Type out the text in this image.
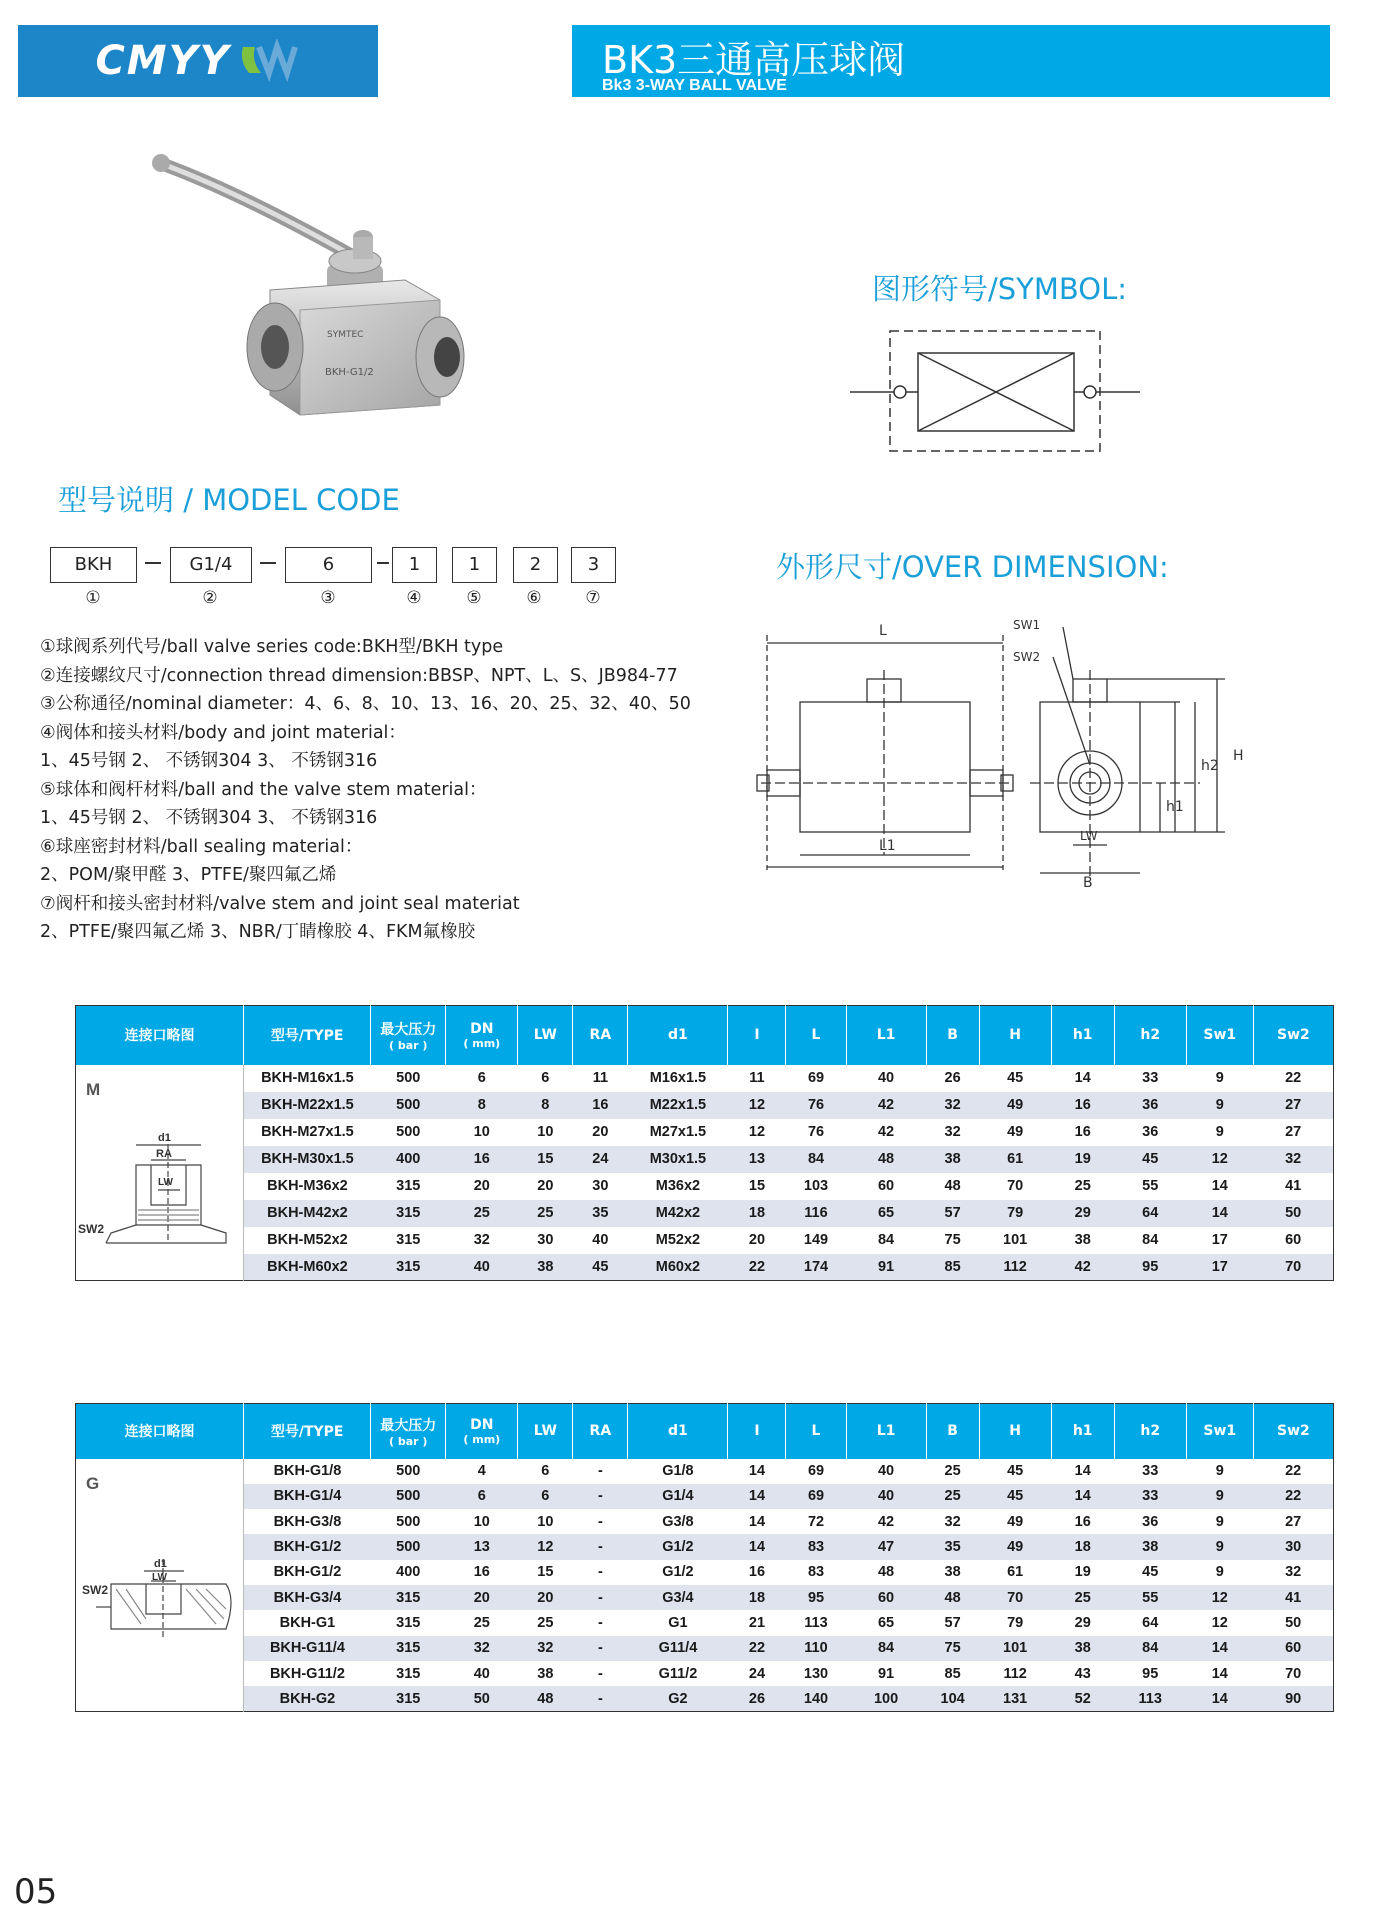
CMYY	BK3三通高压球阀
Bk3 3-WAY BALL VALVE
SYMTEC
BKH-G1/2
图形符号/SYMBOL:
型号说明 / MODEL CODE
BKH	G1/4	6	1	1	2	3
①	②	③	④	⑤	⑥	⑦
外形尺寸/OVER DIMENSION:
L
L1
SW1
SW2
H
h2
h1
LW
B
①球阀系列代号/ball valve series code:BKH型/BKH type
②连接螺纹尺寸/connection thread dimension:BBSP、NPT、L、S、JB984-77
③公称通径/nominal diameter：4、6、8、10、13、16、20、25、32、40、50
④阀体和接头材料/body and joint material：
1、45号钢 2、 不锈钢304 3、 不锈钢316
⑤球体和阀杆材料/ball and the valve stem material：
1、45号钢 2、 不锈钢304 3、 不锈钢316
⑥球座密封材料/ball sealing material：
2、POM/聚甲醛 3、PTFE/聚四氟乙烯
⑦阀杆和接头密封材料/valve stem and joint seal materiat
2、PTFE/聚四氟乙烯 3、NBR/丁睛橡胶 4、FKM氟橡胶
连接口略图	型号/TYPE	最大压力
( bar )	DN
( mm)	LW	RA	d1	I	L	L1	B	H	h1	h2	Sw1	Sw2

M
d1
RA
LW
SW2	BKH-M16x1.5	500	6	6	11	M16x1.5	11	69	40	26	45	14	33	9	22
	BKH-M22x1.5	500	8	8	16	M22x1.5	12	76	42	32	49	16	36	9	27
	BKH-M27x1.5	500	10	10	20	M27x1.5	12	76	42	32	49	16	36	9	27
	BKH-M30x1.5	400	16	15	24	M30x1.5	13	84	48	38	61	19	45	12	32
	BKH-M36x2	315	20	20	30	M36x2	15	103	60	48	70	25	55	14	41
	BKH-M42x2	315	25	25	35	M42x2	18	116	65	57	79	29	64	14	50
	BKH-M52x2	315	32	30	40	M52x2	20	149	84	75	101	38	84	17	60
	BKH-M60x2	315	40	38	45	M60x2	22	174	91	85	112	42	95	17	70
连接口略图	型号/TYPE	最大压力
( bar )	DN
( mm)	LW	RA	d1	I	L	L1	B	H	h1	h2	Sw1	Sw2

G
d1
LW
SW2	BKH-G1/8	500	4	6	-	G1/8	14	69	40	25	45	14	33	9	22
	BKH-G1/4	500	6	6	-	G1/4	14	69	40	25	45	14	33	9	22
	BKH-G3/8	500	10	10	-	G3/8	14	72	42	32	49	16	36	9	27
	BKH-G1/2	500	13	12	-	G1/2	14	83	47	35	49	18	38	9	30
	BKH-G1/2	400	16	15	-	G1/2	16	83	48	38	61	19	45	9	32
	BKH-G3/4	315	20	20	-	G3/4	18	95	60	48	70	25	55	12	41
	BKH-G1	315	25	25	-	G1	21	113	65	57	79	29	64	12	50
	BKH-G11/4	315	32	32	-	G11/4	22	110	84	75	101	38	84	14	60
	BKH-G11/2	315	40	38	-	G11/2	24	130	91	85	112	43	95	14	70
	BKH-G2	315	50	48	-	G2	26	140	100	104	131	52	113	14	90
05
